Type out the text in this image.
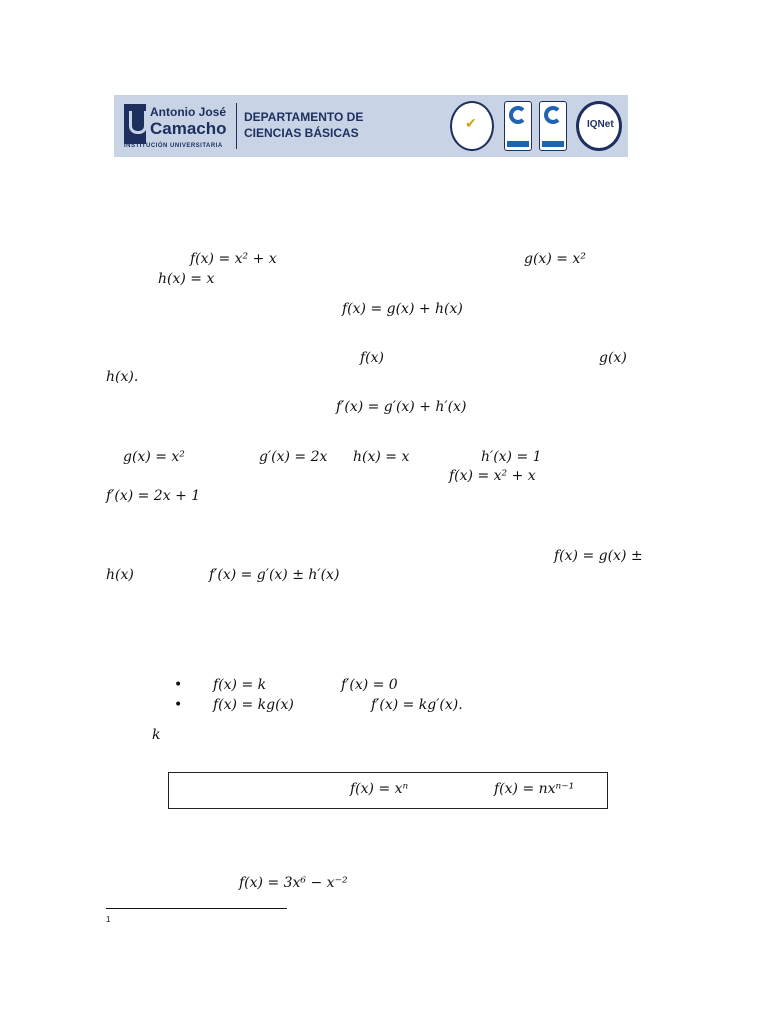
Antonio José
Camacho
INSTITUCIÓN UNIVERSITARIA
DEPARTAMENTO DE
CIENCIAS BÁSICAS
✔
IQNet
f(x) = x² + x	g(x) = x²
h(x) = x
f(x) = g(x) + h(x)
f(x)	g(x)
h(x).
f′(x) = g′(x) + h′(x)
g(x) = x²	g′(x) = 2x h(x) = x	h′(x) = 1
f(x) = x² + x
f′(x) = 2x + 1
f(x) = g(x) ±
h(x)	f′(x) = g′(x) ± h′(x)
• f(x) = k	f′(x) = 0
• f(x) = kg(x)	f′(x) = kg′(x).
k
f(x) = xⁿ	f(x) = nxⁿ⁻¹
f(x) = 3x⁶ − x⁻²
1
